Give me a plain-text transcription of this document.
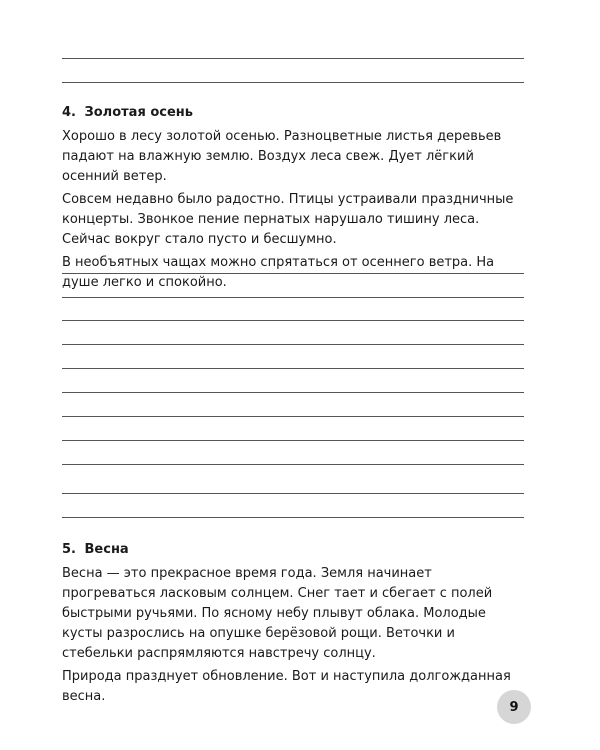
4. Золотая осень

Хорошо в лесу золотой осенью. Разноцветные листья деревьев падают на влажную землю. Воздух леса свеж. Дует лёгкий осенний ветер.

Совсем недавно было радостно. Птицы устраивали праздничные концерты. Звонкое пение пернатых нарушало тишину леса. Сейчас вокруг стало пусто и бесшумно.

В необъятных чащах можно спрятаться от осеннего ветра. На душе легко и спокойно.

5. Весна

Весна — это прекрасное время года. Земля начинает прогреваться ласковым солнцем. Снег тает и сбегает с полей быстрыми ручьями. По ясному небу плывут облака. Молодые кусты разрослись на опушке берёзовой рощи. Веточки и стебельки распрямляются навстречу солнцу.

Природа празднует обновление. Вот и наступила долгожданная весна.

9
